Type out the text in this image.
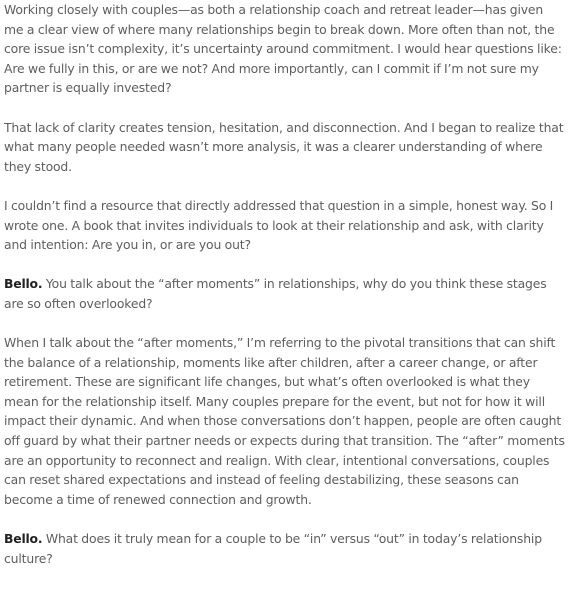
Working closely with couples—as both a relationship coach and retreat leader—has given me a clear view of where many relationships begin to break down. More often than not, the core issue isn’t complexity, it’s uncertainty around commitment. I would hear questions like: Are we fully in this, or are we not? And more importantly, can I commit if I’m not sure my partner is equally invested?

That lack of clarity creates tension, hesitation, and disconnection. And I began to realize that what many people needed wasn’t more analysis, it was a clearer understanding of where they stood.

I couldn’t find a resource that directly addressed that question in a simple, honest way. So I wrote one. A book that invites individuals to look at their relationship and ask, with clarity and intention: Are you in, or are you out?

Bello. You talk about the “after moments” in relationships, why do you think these stages are so often overlooked?

When I talk about the “after moments,” I’m referring to the pivotal transitions that can shift the balance of a relationship, moments like after children, after a career change, or after retirement. These are significant life changes, but what’s often overlooked is what they mean for the relationship itself. Many couples prepare for the event, but not for how it will impact their dynamic. And when those conversations don’t happen, people are often caught off guard by what their partner needs or expects during that transition. The “after” moments are an opportunity to reconnect and realign. With clear, intentional conversations, couples can reset shared expectations and instead of feeling destabilizing, these seasons can become a time of renewed connection and growth.

Bello. What does it truly mean for a couple to be “in” versus “out” in today’s relationship culture?
